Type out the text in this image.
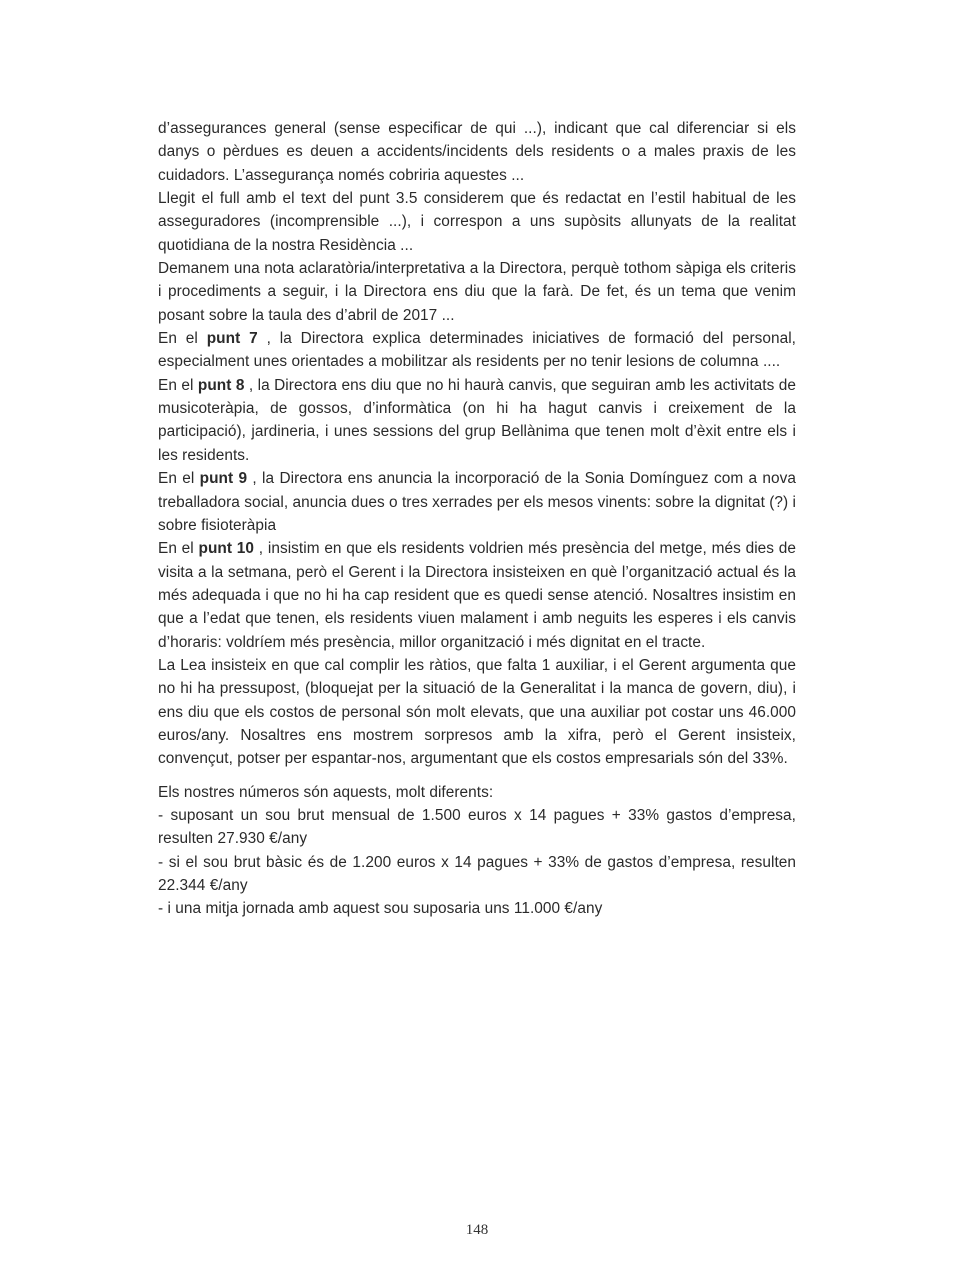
d’assegurances general (sense especificar de qui ...), indicant que cal diferenciar si els danys o pèrdues es deuen a accidents/incidents dels residents o a males praxis de les cuidadors. L’assegurança només cobriria aquestes ...

Llegit el full amb el text del punt 3.5 considerem que és redactat en l’estil habitual de les asseguradores (incomprensible ...), i correspon a uns supòsits allunyats de la realitat quotidiana de la nostra Residència ...

Demanem una nota aclaratòria/interpretativa a la Directora, perquè tothom sàpiga els criteris i procediments a seguir, i la Directora ens diu que la farà. De fet, és un tema que venim posant sobre la taula des d’abril de 2017 ...

En el punt 7 , la Directora explica determinades iniciatives de formació del personal, especialment unes orientades a mobilitzar als residents per no tenir lesions de columna ....

En el punt 8 , la Directora ens diu que no hi haurà canvis, que seguiran amb les activitats de musicoteràpia, de gossos, d’informàtica (on hi ha hagut canvis i creixement de la participació), jardineria, i unes sessions del grup Bellànima que tenen molt d’èxit entre els i les residents.

En el punt 9 , la Directora ens anuncia la incorporació de la Sonia Domínguez com a nova treballadora social, anuncia dues o tres xerrades per els mesos vinents: sobre la dignitat (?) i sobre fisioteràpia

En el punt 10 , insistim en que els residents voldrien més presència del metge, més dies de visita a la setmana, però el Gerent i la Directora insisteixen en què l’organització actual és la més adequada i que no hi ha cap resident que es quedi sense atenció. Nosaltres insistim en que a l’edat que tenen, els residents viuen malament i amb neguits les esperes i els canvis d’horaris: voldríem més presència, millor organització i més dignitat en el tracte.

La Lea insisteix en que cal complir les ràtios, que falta 1 auxiliar, i el Gerent argumenta que no hi ha pressupost, (bloquejat per la situació de la Generalitat i la manca de govern, diu), i ens diu que els costos de personal són molt elevats, que una auxiliar pot costar uns 46.000 euros/any. Nosaltres ens mostrem sorpresos amb la xifra, però el Gerent insisteix, convençut, potser per espantar-nos, argumentant que els costos empresarials són del 33%.

Els nostres números són aquests, molt diferents:

- suposant un sou brut mensual de 1.500 euros x 14 pagues + 33% gastos d’empresa, resulten 27.930 €/any

- si el sou brut bàsic és de 1.200 euros x 14 pagues + 33% de gastos d’empresa, resulten 22.344 €/any

- i una mitja jornada amb aquest sou suposaria uns 11.000 €/any

148
